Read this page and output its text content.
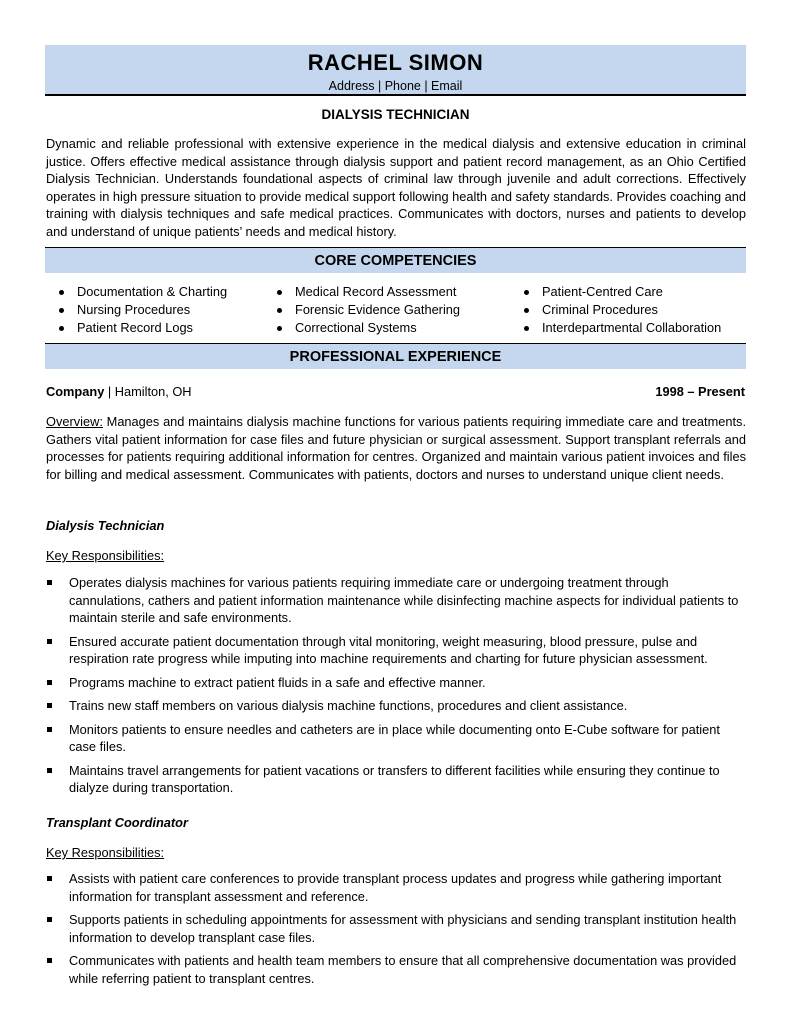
RACHEL SIMON
Address | Phone | Email
DIALYSIS TECHNICIAN
Dynamic and reliable professional with extensive experience in the medical dialysis and extensive education in criminal justice. Offers effective medical assistance through dialysis support and patient record management, as an Ohio Certified Dialysis Technician. Understands foundational aspects of criminal law through juvenile and adult corrections. Effectively operates in high pressure situation to provide medical support following health and safety standards. Provides coaching and training with dialysis techniques and safe medical practices. Communicates with doctors, nurses and patients to develop and understand of unique patients’ needs and medical history.
CORE COMPETENCIES
Documentation & Charting
Nursing Procedures
Patient Record Logs
Medical Record Assessment
Forensic Evidence Gathering
Correctional Systems
Patient-Centred Care
Criminal Procedures
Interdepartmental Collaboration
PROFESSIONAL EXPERIENCE
Company | Hamilton, OH	1998 – Present
Overview: Manages and maintains dialysis machine functions for various patients requiring immediate care and treatments. Gathers vital patient information for case files and future physician or surgical assessment. Support transplant referrals and processes for patients requiring additional information for centres. Organized and maintain various patient invoices and files for billing and medical assessment. Communicates with patients, doctors and nurses to understand unique client needs.
Dialysis Technician
Key Responsibilities:
Operates dialysis machines for various patients requiring immediate care or undergoing treatment through cannulations, cathers and patient information maintenance while disinfecting machine aspects for individual patients to maintain sterile and safe environments.
Ensured accurate patient documentation through vital monitoring, weight measuring, blood pressure, pulse and respiration rate progress while imputing into machine requirements and charting for future physician assessment.
Programs machine to extract patient fluids in a safe and effective manner.
Trains new staff members on various dialysis machine functions, procedures and client assistance.
Monitors patients to ensure needles and catheters are in place while documenting onto E-Cube software for patient case files.
Maintains travel arrangements for patient vacations or transfers to different facilities while ensuring they continue to dialyze during transportation.
Transplant Coordinator
Key Responsibilities:
Assists with patient care conferences to provide transplant process updates and progress while gathering important information for transplant assessment and reference.
Supports patients in scheduling appointments for assessment with physicians and sending transplant institution health information to develop transplant case files.
Communicates with patients and health team members to ensure that all comprehensive documentation was provided while referring patient to transplant centres.
